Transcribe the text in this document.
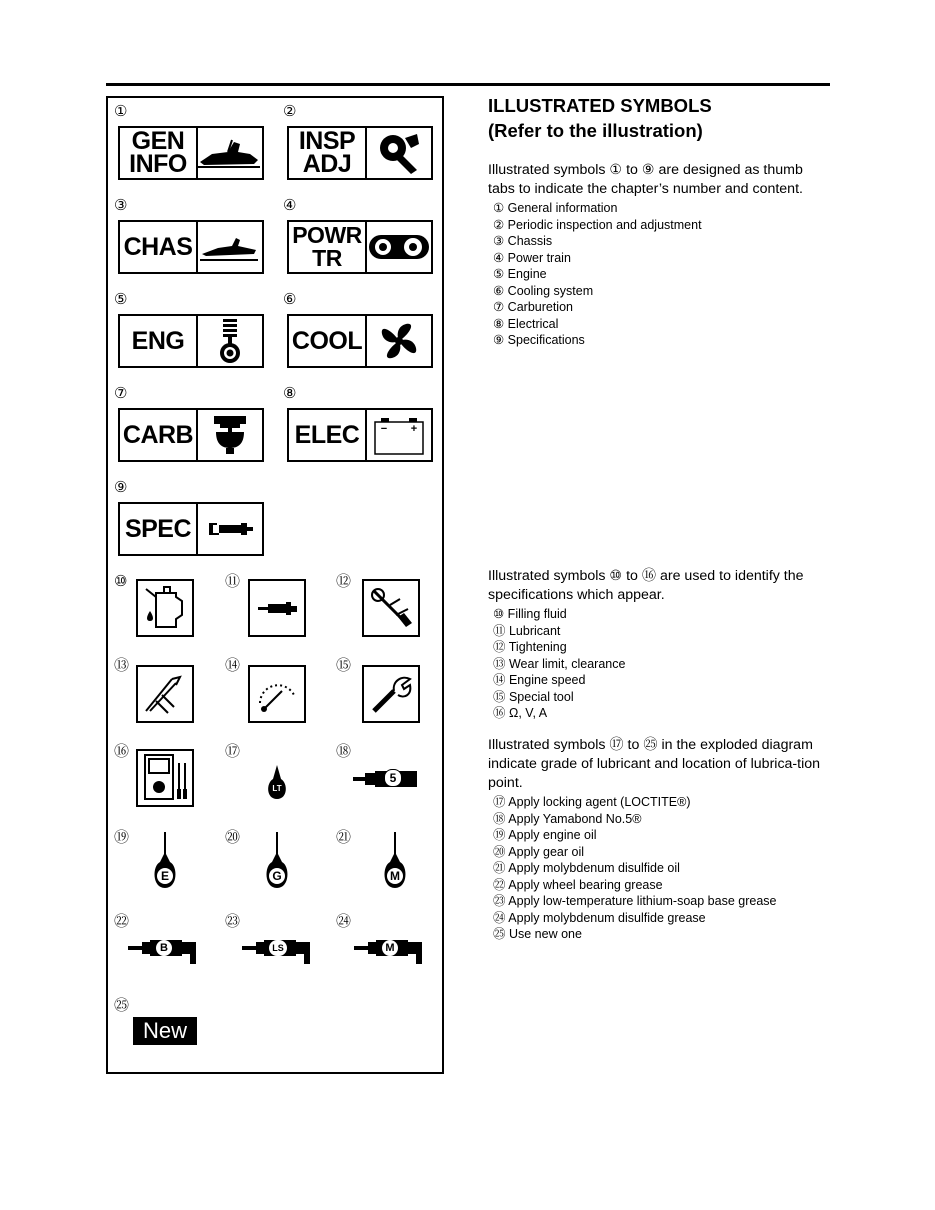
①	②
③	④
⑤	⑥
⑦	⑧
⑨
GEN
INFO
INSP
ADJ
CHAS	POWR
TR
ENG	COOL
CARB	ELEC − +
SPEC
⑩	⑪	⑫
⑬	⑭	⑮
⑯	⑰	⑱
⑲	⑳	㉑
㉒	㉓	㉔
㉕
LT
5
E	G	M
B	LS	M
New
ILLUSTRATED SYMBOLS
(Refer to the illustration)
Illustrated symbols ① to ⑨ are designed as thumb tabs to indicate the chapter’s number and content.
① General information
② Periodic inspection and adjustment
③ Chassis
④ Power train
⑤ Engine
⑥ Cooling system
⑦ Carburetion
⑧ Electrical
⑨ Specifications
Illustrated symbols ⑩ to ⑯ are used to identify the specifications which appear.
⑩ Filling fluid
⑪ Lubricant
⑫ Tightening
⑬ Wear limit, clearance
⑭ Engine speed
⑮ Special tool
⑯ Ω, V, A
Illustrated symbols ⑰ to ㉕ in the exploded diagram indicate grade of lubricant and location of lubrica-tion point.
⑰ Apply locking agent (LOCTITE®)
⑱ Apply Yamabond No.5®
⑲ Apply engine oil
⑳ Apply gear oil
㉑ Apply molybdenum disulfide oil
㉒ Apply wheel bearing grease
㉓ Apply low-temperature lithium-soap base grease
㉔ Apply molybdenum disulfide grease
㉕ Use new one
